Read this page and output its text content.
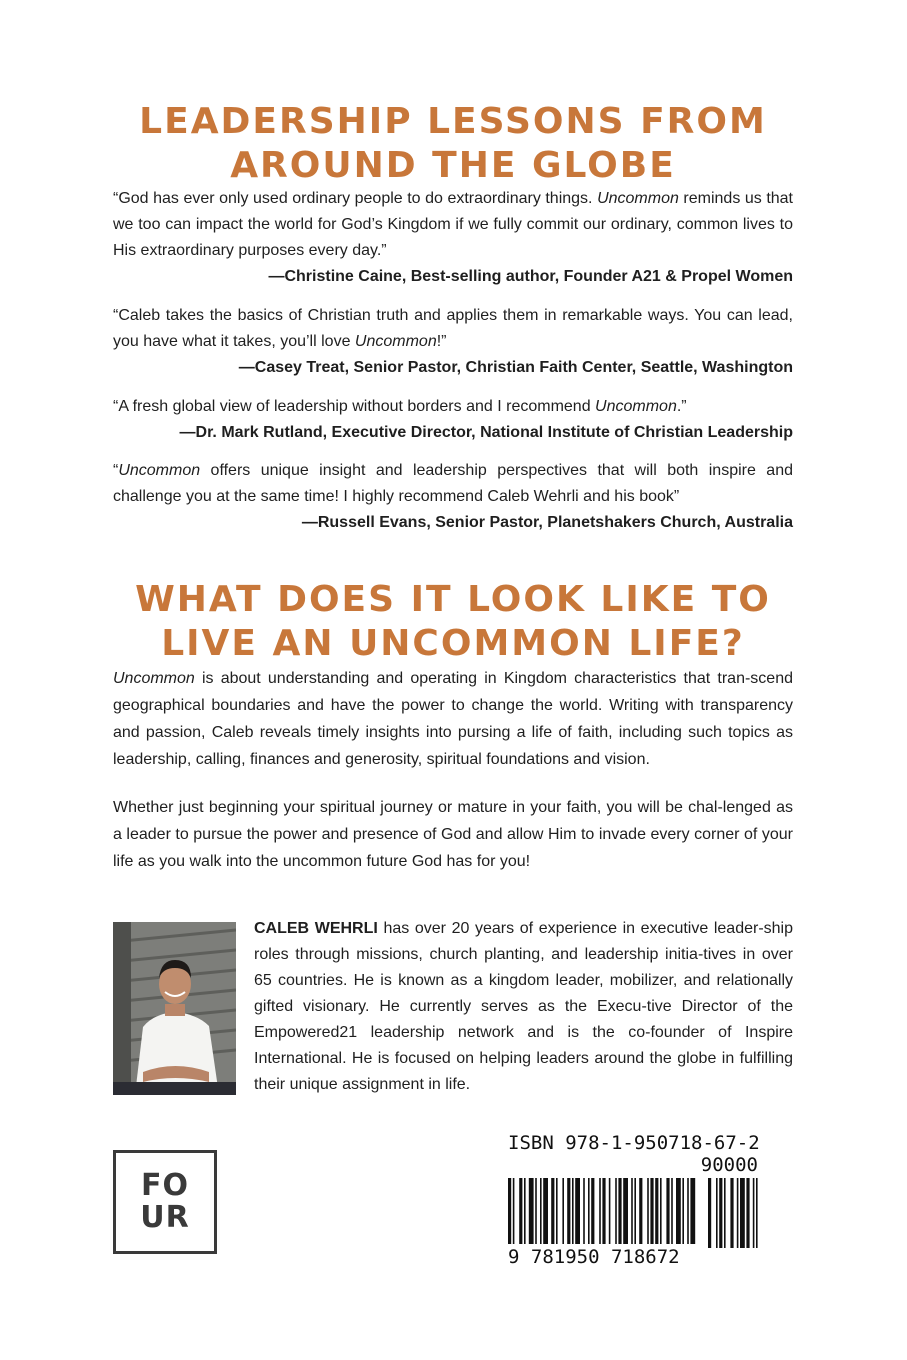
LEADERSHIP LESSONS FROM
AROUND THE GLOBE

“God has ever only used ordinary people to do extraordinary things. Uncommon reminds us that we too can impact the world for God’s Kingdom if we fully commit our ordinary, common lives to His extraordinary purposes every day.”
—Christine Caine, Best-selling author, Founder A21 & Propel Women

“Caleb takes the basics of Christian truth and applies them in remarkable ways. You can lead, you have what it takes, you’ll love Uncommon!”
—Casey Treat, Senior Pastor, Christian Faith Center, Seattle, Washington

“A fresh global view of leadership without borders and I recommend Uncommon.”
—Dr. Mark Rutland, Executive Director, National Institute of Christian Leadership

“Uncommon offers unique insight and leadership perspectives that will both inspire and challenge you at the same time! I highly recommend Caleb Wehrli and his book”
—Russell Evans, Senior Pastor, Planetshakers Church, Australia

WHAT DOES IT LOOK LIKE TO
LIVE AN UNCOMMON LIFE?

Uncommon is about understanding and operating in Kingdom characteristics that tran-scend geographical boundaries and have the power to change the world. Writing with transparency and passion, Caleb reveals timely insights into pursing a life of faith, including such topics as leadership, calling, finances and generosity, spiritual foundations and vision.

Whether just beginning your spiritual journey or mature in your faith, you will be chal-lenged as a leader to pursue the power and presence of God and allow Him to invade every corner of your life as you walk into the uncommon future God has for you!

CALEB WEHRLI has over 20 years of experience in executive leader-ship roles through missions, church planting, and leadership initia-tives in over 65 countries. He is known as a kingdom leader, mobilizer, and relationally gifted visionary. He currently serves as the Execu-tive Director of the Empowered21 leadership network and is the co-founder of Inspire International. He is focused on helping leaders around the globe in fulfilling their unique assignment in life.

FO
UR
ISBN 978-1-950718-67-2
90000
9 781950 718672
